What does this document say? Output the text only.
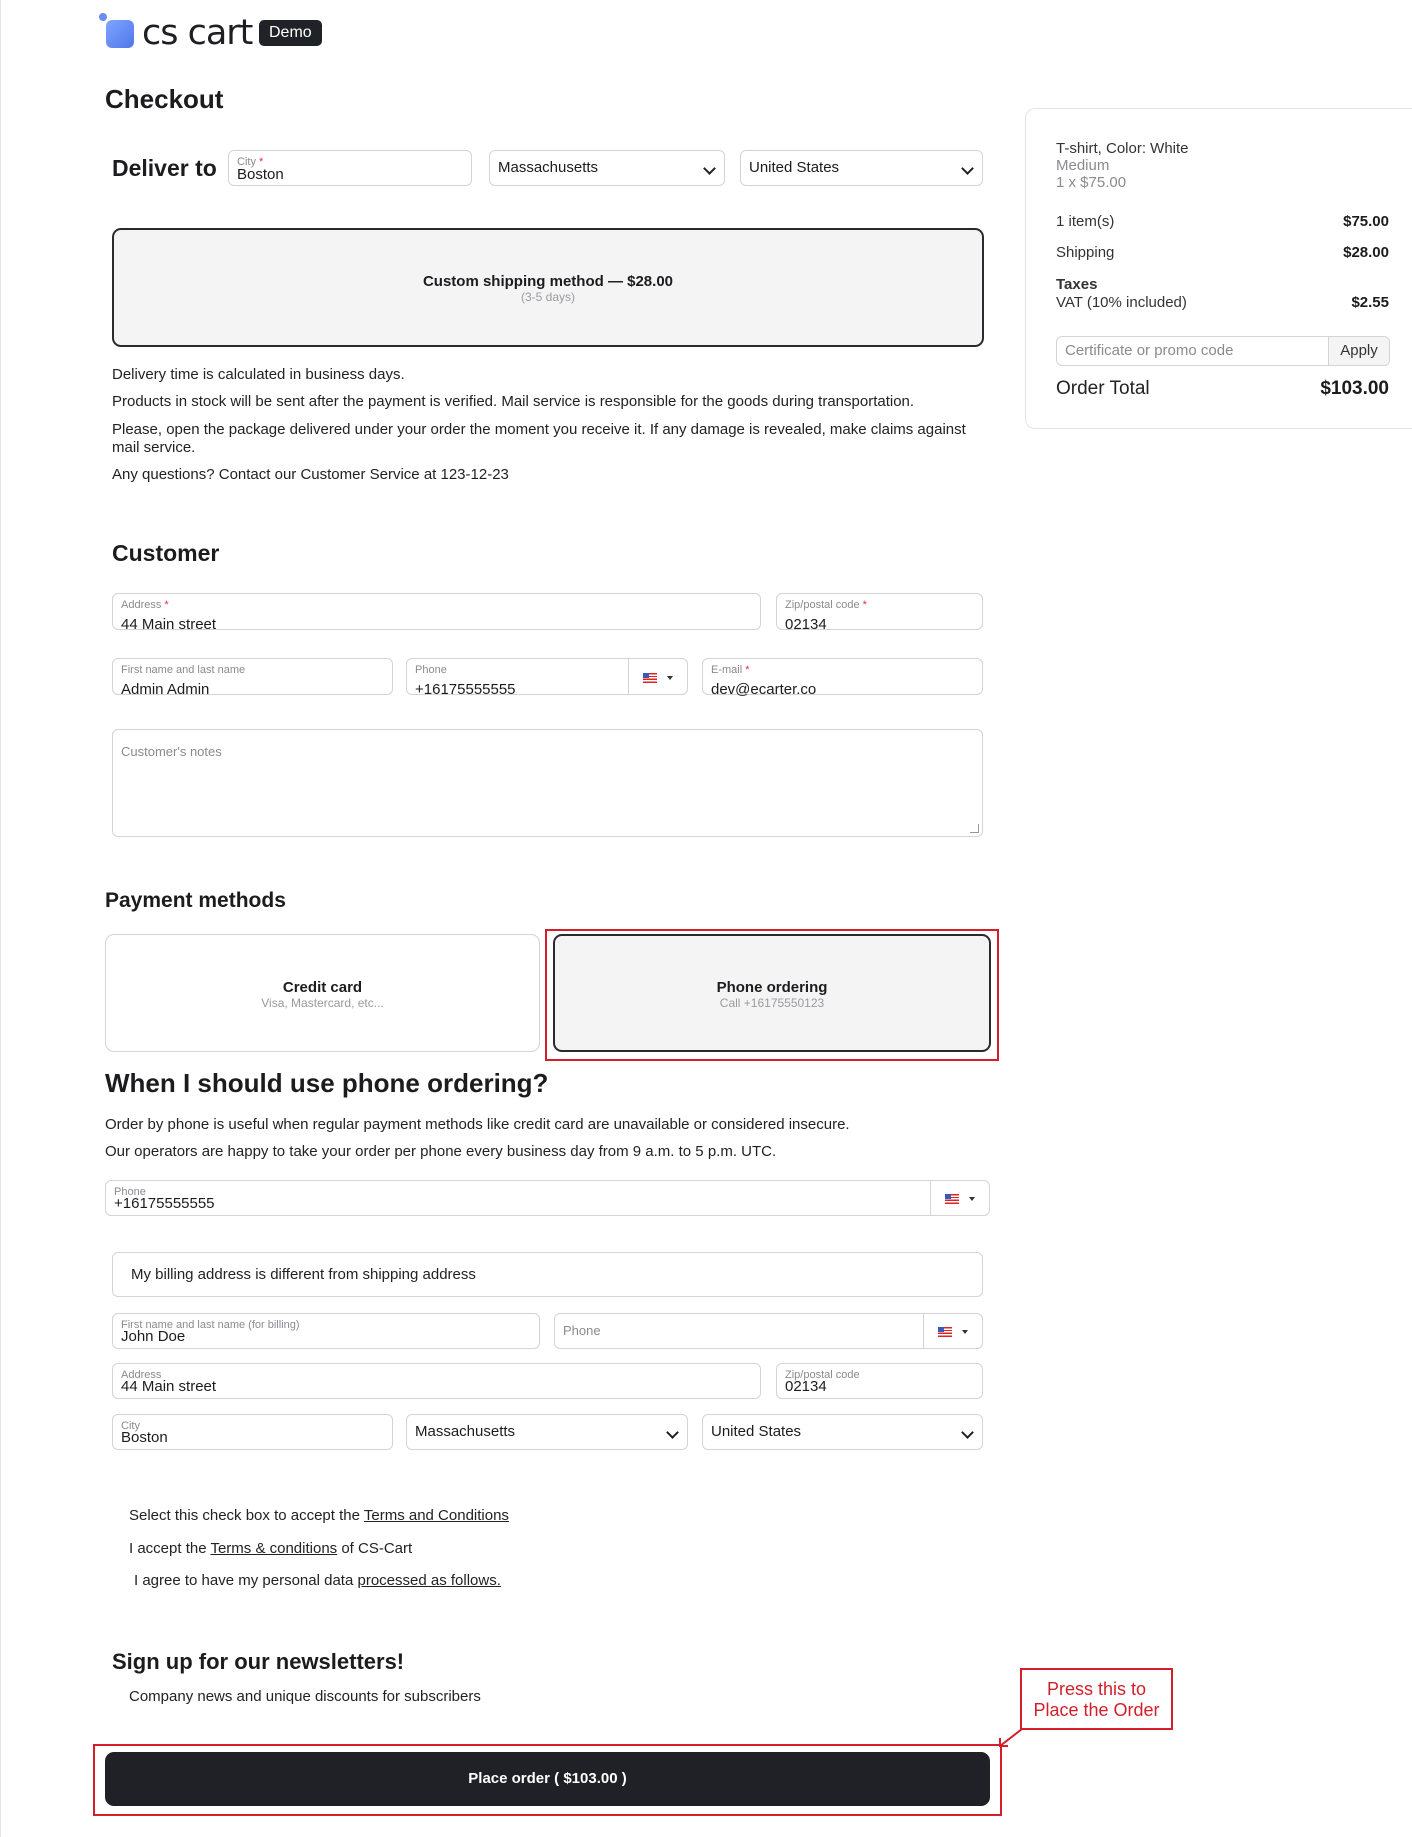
cs cart	Demo
Checkout
Deliver to City *
Boston	Massachusetts	United States
Custom shipping method — $28.00
(3-5 days)
Delivery time is calculated in business days.
Products in stock will be sent after the payment is verified. Mail service is responsible for the goods during transportation.
Please, open the package delivered under your order the moment you receive it. If any damage is revealed, make claims against mail service.
Any questions? Contact our Customer Service at 123-12-23
Customer
Address *
44 Main street
Zip/postal code *
02134
First name and last name
Admin Admin
Phone
+16175555555
E-mail *
dev@ecarter.co
Customer's notes
Payment methods
Credit card
Visa, Mastercard, etc...
Phone ordering
Call +16175550123
When I should use phone ordering?
Order by phone is useful when regular payment methods like credit card are unavailable or considered insecure.
Our operators are happy to take your order per phone every business day from 9 a.m. to 5 p.m. UTC.
Phone
+16175555555
My billing address is different from shipping address
First name and last name (for billing)
John Doe	Phone
Address
44 Main street
Zip/postal code
02134
City
Boston	Massachusetts	United States
Select this check box to accept the Terms and Conditions
I accept the Terms & conditions of CS-Cart
I agree to have my personal data processed as follows.
Sign up for our newsletters!
Company news and unique discounts for subscribers	Press this to
Place the Order
Place order ( $103.00 )
T-shirt, Color: White
Medium
1 x $75.00
1 item(s)	$75.00
Shipping	$28.00
Taxes
VAT (10% included)	$2.55
Certificate or promo code	Apply
Order Total	$103.00
